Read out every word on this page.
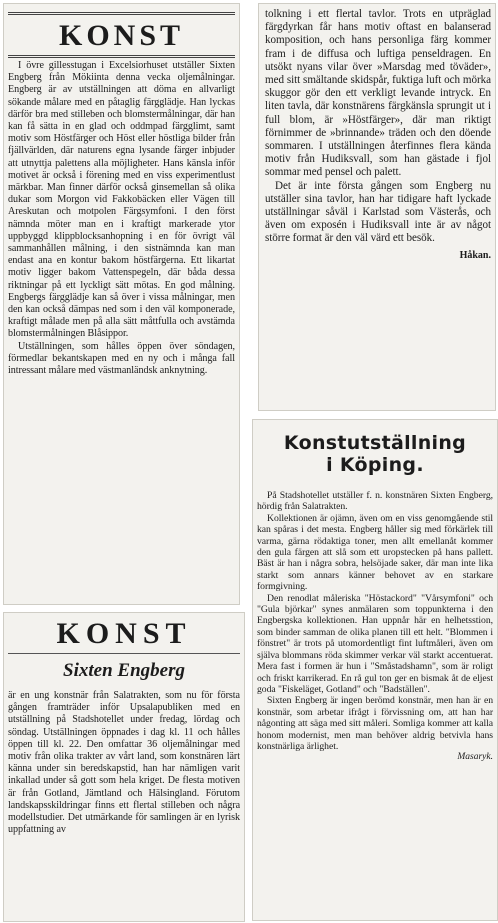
KONST

I övre gillesstugan i Excelsiorhuset utställer Sixten Engberg från Mökiinta denna vecka oljemålningar. Engberg är av utställningen att döma en allvarligt sökande målare med en påtaglig färgglädje. Han lyckas därför bra med stilleben och blomstermålningar, där han kan få sätta in en glad och oddmpad färgglimt, samt motiv som Höstfärger och Höst eller höstliga bilder från fjällvärlden, där naturens egna lysande färger inbjuder att utnyttja palettens alla möjligheter. Hans känsla inför motivet är också i förening med en viss experimentlust märkbar. Man finner därför också ginsemellan så olika dukar som Morgon vid Fakkobäcken eller Vägen till Areskutan och motpolen Färgsymfoni. I den först nämnda möter man en i kraftigt markerade ytor uppbyggd klippblocksanhopning i en för övrigt väl sammanhållen målning, i den sistnämnda kan man endast ana en kontur bakom höstfärgerna. Ett likartat motiv ligger bakom Vattenspegeln, där båda dessa riktningar på ett lyckligt sätt mötas. En god målning. Engbergs färgglädje kan så över i vissa målningar, men den kan också dämpas ned som i den väl komponerade, kraftigt målade men på alla sätt måttfulla och avstämda blomstermålningen Blåsippor.

Utställningen, som hålles öppen över söndagen, förmedlar bekantskapen med en ny och i många fall intressant målare med västmanländsk anknytning.

tolkning i ett flertal tavlor. Trots en utpräglad färgdyrkan får hans motiv oftast en balanserad komposition, och hans personliga färg kommer fram i de diffusa och luftiga penseldragen. En utsökt nyans vilar över »Marsdag med töväder», med sitt smältande skidspår, fuktiga luft och mörka skuggor gör den ett verkligt levande intryck. En liten tavla, där konstnärens färgkänsla sprungit ut i full blom, är »Höstfärger», där man riktigt förnimmer de »brinnande» träden och den döende sommaren. I utställningen återfinnes flera kända motiv från Hudiksvall, som han gästade i fjol sommar med pensel och palett.

Det är inte första gången som Engberg nu utställer sina tavlor, han har tidigare haft lyckade utställningar såväl i Karlstad som Västerås, och även om exposén i Hudiksvall inte är av något större format är den väl värd ett besök.

Håkan.
Konstutställning
i Köping.

På Stadshotellet utställer f. n. konstnären Sixten Engberg, hördig från Salatrakten.

Kollektionen är ojämn, även om en viss genomgående stil kan spåras i det mesta. Engberg håller sig med förkärlek till varma, gärna rödaktiga toner, men allt emellanåt kommer den gula färgen att slå som ett uropstecken på hans pallett. Bäst är han i några sobra, helsöjade saker, där man inte lika starkt som annars känner behovet av en starkare formgivning.

Den renodlat måleriska "Höstackord" "Vårsymfoni" och "Gula björkar" synes anmälaren som toppunkterna i den Engbergska kollektionen. Han uppnår här en helhetsstion, som binder samman de olika planen till ett helt. "Blommen i fönstret" är trots på utomordentligt fint luftmåleri, även om själva blommans röda skimmer verkar väl starkt accentuerat. Mera fast i formen är hun i "Småstadshamn", som är roligt och friskt karrikerad. En rå gul ton ger en bismak åt de eljest goda "Fiskeläget, Gotland" och "Badställen".

Sixten Engberg är ingen berömd konstnär, men han är en konstnär, som arbetar ifrågt i förvissning om, att han har någonting att säga med sitt måleri. Somliga kommer att kalla honom modernist, men man behöver aldrig betvivla hans konstnärliga ärlighet.

Masaryk.
KONST
Sixten Engberg

är en ung konstnär från Salatrakten, som nu för första gången framträder inför Upsalapubliken med en utställning på Stadshotellet under fredag, lördag och söndag. Utställningen öppnades i dag kl. 11 och hålles öppen till kl. 22. Den omfattar 36 oljemålningar med motiv från olika trakter av vårt land, som konstnären lärt känna under sin beredskapstid, han har nämligen varit inkallad under så gott som hela kriget. De flesta motiven är från Gotland, Jämtland och Hälsingland. Förutom landskapsskildringar finns ett flertal stilleben och några modellstudier. Det utmärkande för samlingen är en lyrisk uppfattning av
